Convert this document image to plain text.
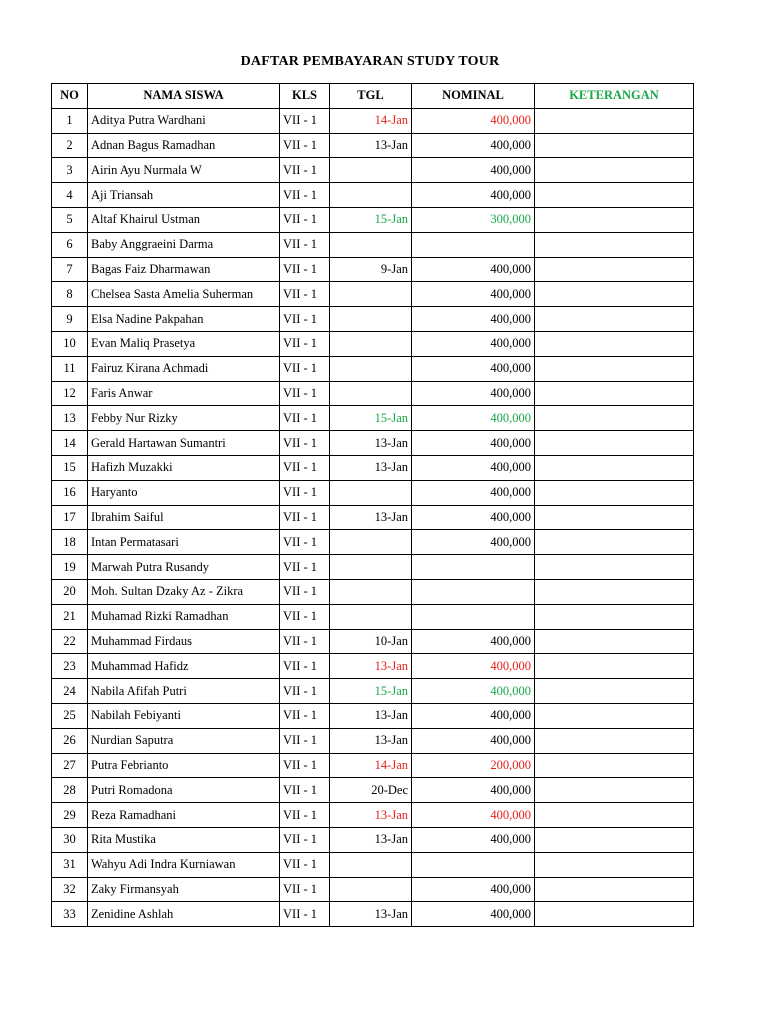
DAFTAR PEMBAYARAN STUDY TOUR
NO	NAMA SISWA	KLS	TGL	NOMINAL	KETERANGAN
1	Aditya Putra Wardhani	VII - 1	14-Jan	400,000	
2	Adnan Bagus Ramadhan	VII - 1	13-Jan	400,000	
3	Airin Ayu Nurmala W	VII - 1		400,000	
4	Aji Triansah	VII - 1		400,000	
5	Altaf Khairul Ustman	VII - 1	15-Jan	300,000	
6	Baby Anggraeini Darma	VII - 1			
7	Bagas Faiz Dharmawan	VII - 1	9-Jan	400,000	
8	Chelsea Sasta Amelia Suherman	VII - 1		400,000	
9	Elsa Nadine Pakpahan	VII - 1		400,000	
10	Evan Maliq Prasetya	VII - 1		400,000	
11	Fairuz Kirana Achmadi	VII - 1		400,000	
12	Faris Anwar	VII - 1		400,000	
13	Febby Nur Rizky	VII - 1	15-Jan	400,000	
14	Gerald Hartawan Sumantri	VII - 1	13-Jan	400,000	
15	Hafizh Muzakki	VII - 1	13-Jan	400,000	
16	Haryanto	VII - 1		400,000	
17	Ibrahim Saiful	VII - 1	13-Jan	400,000	
18	Intan Permatasari	VII - 1		400,000	
19	Marwah Putra Rusandy	VII - 1			
20	Moh. Sultan Dzaky Az - Zikra	VII - 1			
21	Muhamad Rizki Ramadhan	VII - 1			
22	Muhammad Firdaus	VII - 1	10-Jan	400,000	
23	Muhammad Hafidz	VII - 1	13-Jan	400,000	
24	Nabila Afifah Putri	VII - 1	15-Jan	400,000	
25	Nabilah Febiyanti	VII - 1	13-Jan	400,000	
26	Nurdian Saputra	VII - 1	13-Jan	400,000	
27	Putra Febrianto	VII - 1	14-Jan	200,000	
28	Putri Romadona	VII - 1	20-Dec	400,000	
29	Reza Ramadhani	VII - 1	13-Jan	400,000	
30	Rita Mustika	VII - 1	13-Jan	400,000	
31	Wahyu Adi Indra Kurniawan	VII - 1			
32	Zaky Firmansyah	VII - 1		400,000	
33	Zenidine Ashlah	VII - 1	13-Jan	400,000	
